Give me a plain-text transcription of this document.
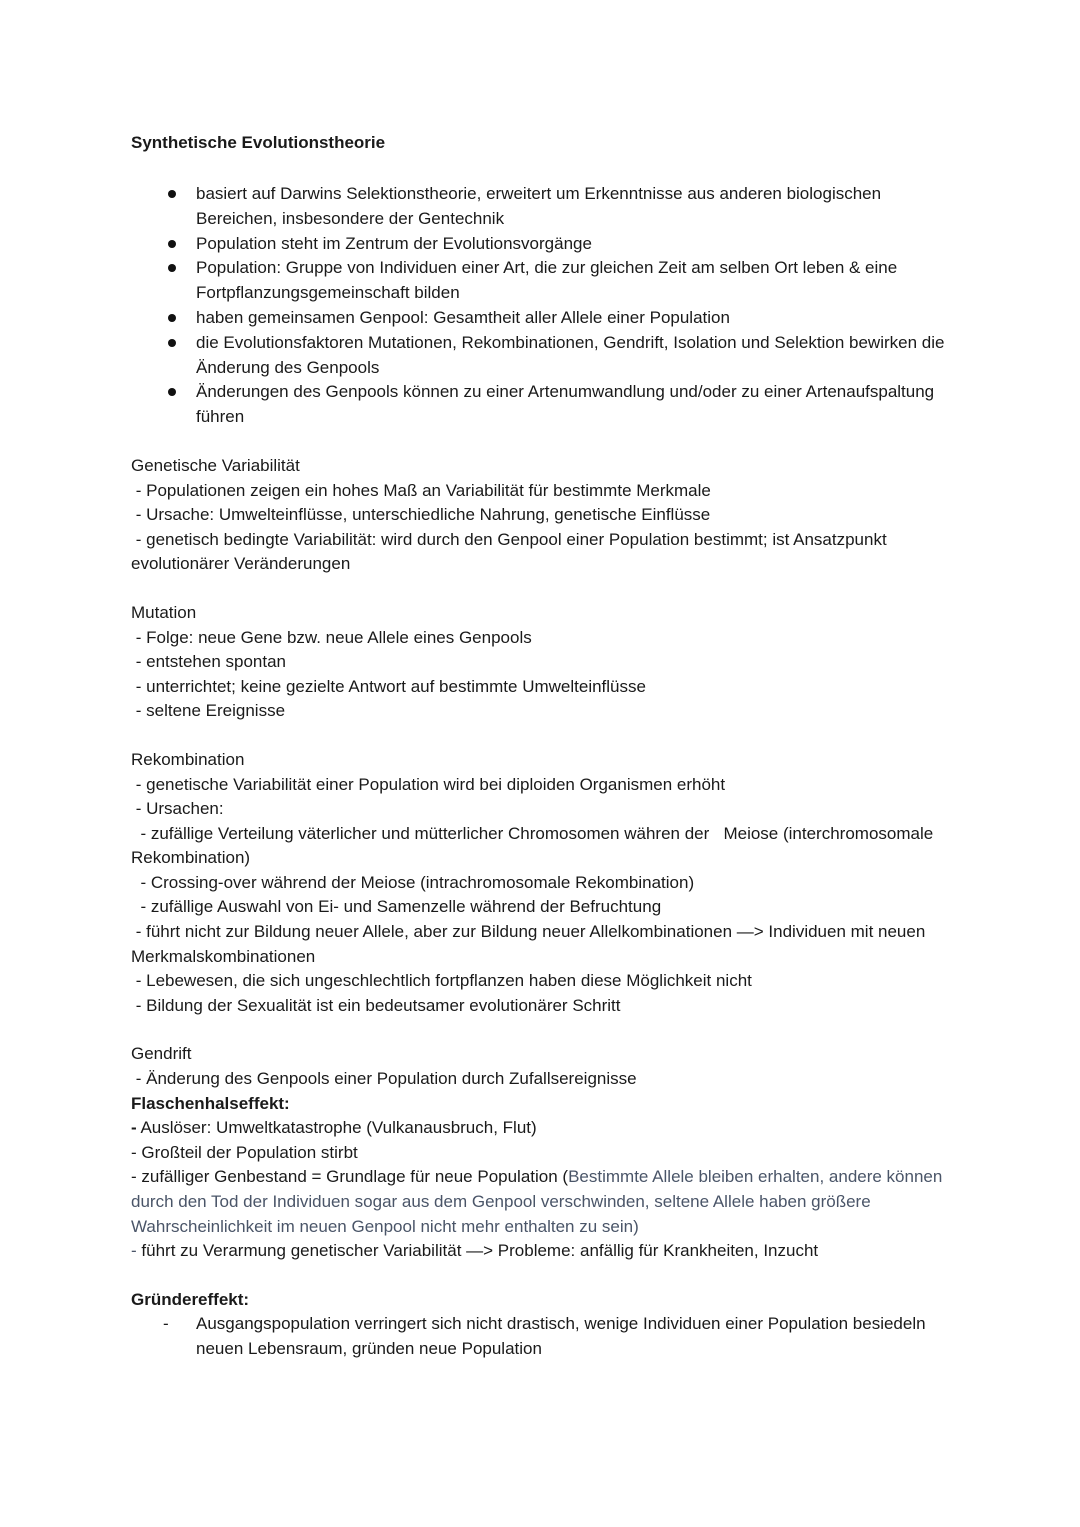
Synthetische Evolutionstheorie

basiert auf Darwins Selektionstheorie, erweitert um Erkenntnisse aus anderen biologischen Bereichen, insbesondere der Gentechnik
Population steht im Zentrum der Evolutionsvorgänge
Population: Gruppe von Individuen einer Art, die zur gleichen Zeit am selben Ort leben & eine Fortpflanzungsgemeinschaft bilden
haben gemeinsamen Genpool: Gesamtheit aller Allele einer Population
die Evolutionsfaktoren Mutationen, Rekombinationen, Gendrift, Isolation und Selektion bewirken die Änderung des Genpools
Änderungen des Genpools können zu einer Artenumwandlung und/oder zu einer Artenaufspaltung führen
Genetische Variabilität
- Populationen zeigen ein hohes Maß an Variabilität für bestimmte Merkmale
- Ursache: Umwelteinflüsse, unterschiedliche Nahrung, genetische Einflüsse
- genetisch bedingte Variabilität: wird durch den Genpool einer Population bestimmt; ist Ansatzpunkt evolutionärer Veränderungen
Mutation
- Folge: neue Gene bzw. neue Allele eines Genpools
- entstehen spontan
- unterrichtet; keine gezielte Antwort auf bestimmte Umwelteinflüsse
- seltene Ereignisse
Rekombination
- genetische Variabilität einer Population wird bei diploiden Organismen erhöht
- Ursachen:
- zufällige Verteilung väterlicher und mütterlicher Chromosomen währen der   Meiose (interchromosomale Rekombination)
- Crossing-over während der Meiose (intrachromosomale Rekombination)
- zufällige Auswahl von Ei- und Samenzelle während der Befruchtung
- führt nicht zur Bildung neuer Allele, aber zur Bildung neuer Allelkombinationen —> Individuen mit neuen Merkmalskombinationen
- Lebewesen, die sich ungeschlechtlich fortpflanzen haben diese Möglichkeit nicht
- Bildung der Sexualität ist ein bedeutsamer evolutionärer Schritt
Gendrift
- Änderung des Genpools einer Population durch Zufallsereignisse
Flaschenhalseffekt:
- Auslöser: Umweltkatastrophe (Vulkanausbruch, Flut)
- Großteil der Population stirbt
- zufälliger Genbestand = Grundlage für neue Population (Bestimmte Allele bleiben erhalten, andere können durch den Tod der Individuen sogar aus dem Genpool verschwinden, seltene Allele haben größere Wahrscheinlichkeit im neuen Genpool nicht mehr enthalten zu sein)
- führt zu Verarmung genetischer Variabilität —> Probleme: anfällig für Krankheiten, Inzucht
Gründereffekt:
- Ausgangspopulation verringert sich nicht drastisch, wenige Individuen einer Population besiedeln neuen Lebensraum, gründen neue Population
